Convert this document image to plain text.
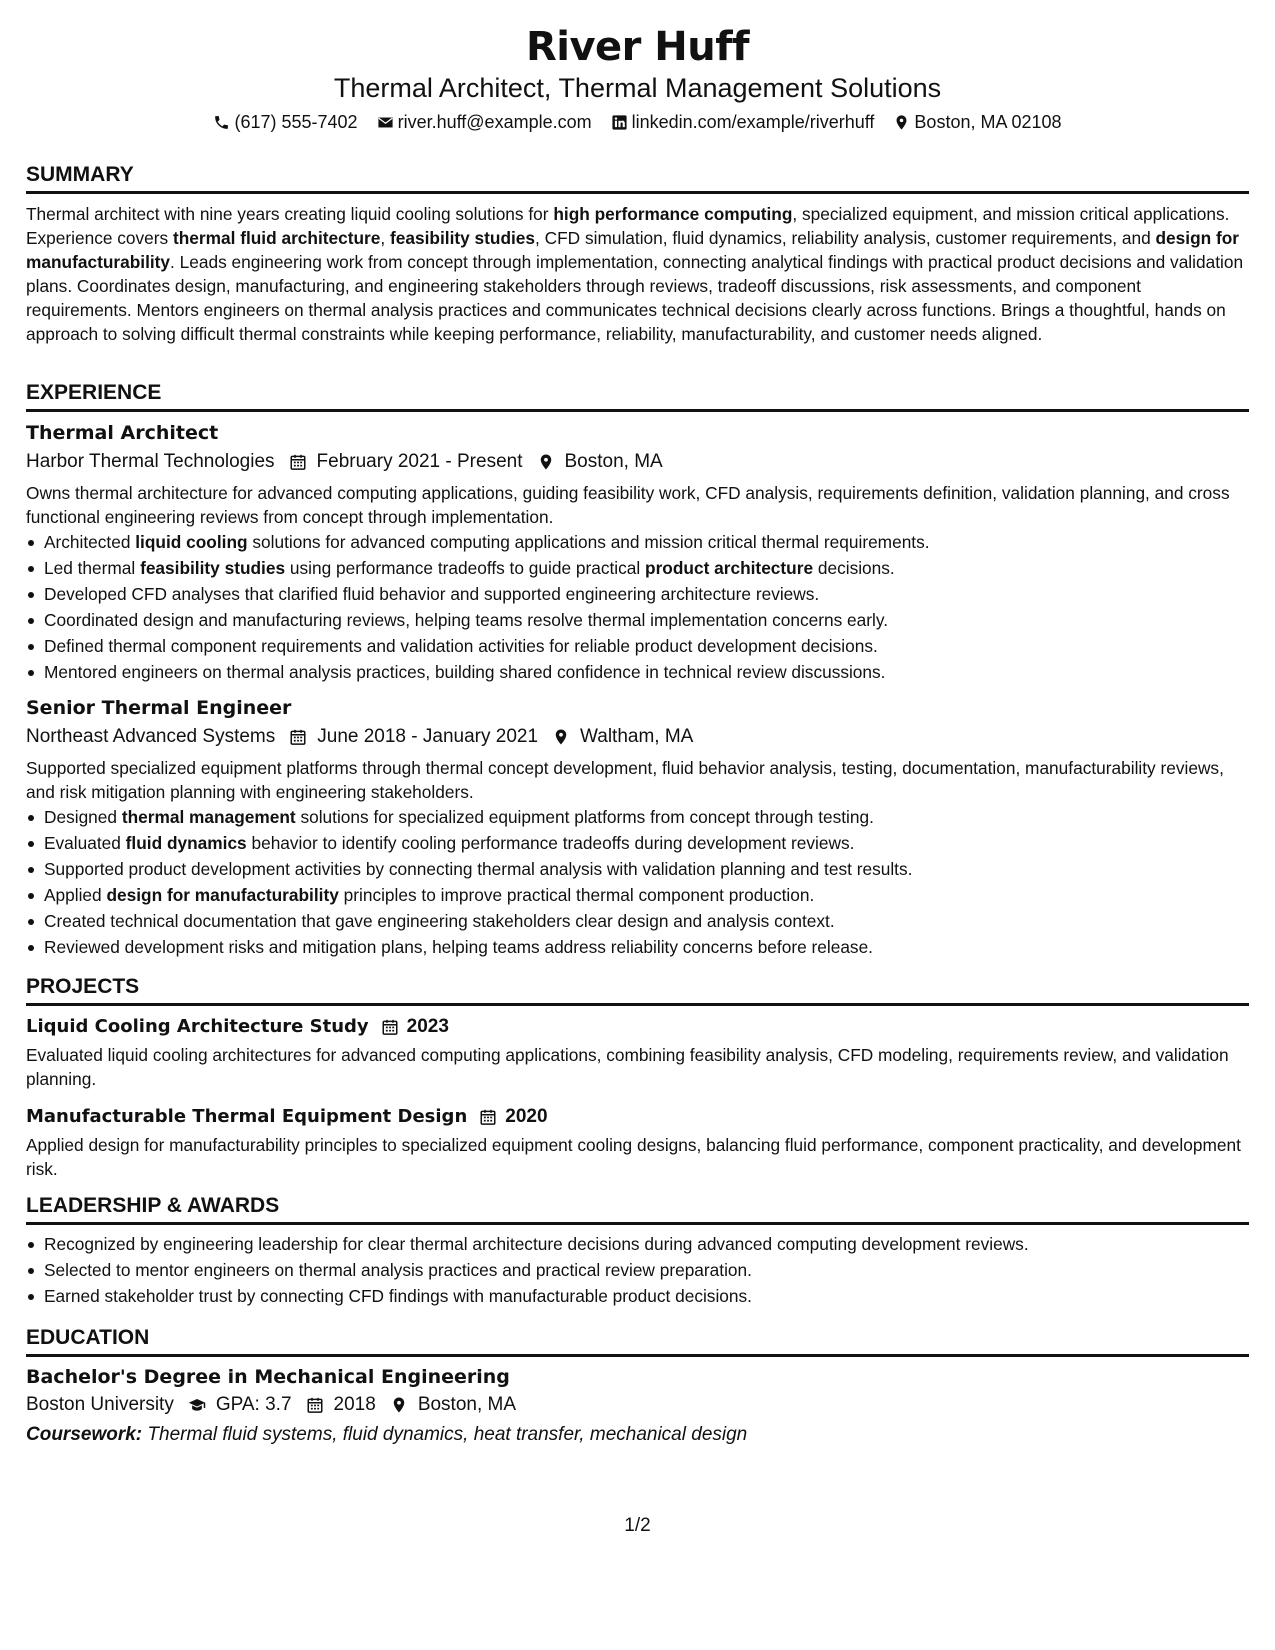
River Huff
Thermal Architect, Thermal Management Solutions
(617) 555-7402
river.huff@example.com
linkedin.com/example/riverhuff
Boston, MA 02108
SUMMARY

Thermal architect with nine years creating liquid cooling solutions for high performance computing, specialized equipment, and mission critical applications. Experience covers thermal fluid architecture, feasibility studies, CFD simulation, fluid dynamics, reliability analysis, customer requirements, and design for manufacturability. Leads engineering work from concept through implementation, connecting analytical findings with practical product decisions and validation plans. Coordinates design, manufacturing, and engineering stakeholders through reviews, tradeoff discussions, risk assessments, and component requirements. Mentors engineers on thermal analysis practices and communicates technical decisions clearly across functions. Brings a thoughtful, hands on approach to solving difficult thermal constraints while keeping performance, reliability, manufacturability, and customer needs aligned.

EXPERIENCE
Thermal Architect
Harbor Thermal Technologies February 2021 - Present Boston, MA

Owns thermal architecture for advanced computing applications, guiding feasibility work, CFD analysis, requirements definition, validation planning, and cross functional engineering reviews from concept through implementation.

Architected liquid cooling solutions for advanced computing applications and mission critical thermal requirements.
Led thermal feasibility studies using performance tradeoffs to guide practical product architecture decisions.
Developed CFD analyses that clarified fluid behavior and supported engineering architecture reviews.
Coordinated design and manufacturing reviews, helping teams resolve thermal implementation concerns early.
Defined thermal component requirements and validation activities for reliable product development decisions.
Mentored engineers on thermal analysis practices, building shared confidence in technical review discussions.
Senior Thermal Engineer
Northeast Advanced Systems June 2018 - January 2021 Waltham, MA

Supported specialized equipment platforms through thermal concept development, fluid behavior analysis, testing, documentation, manufacturability reviews, and risk mitigation planning with engineering stakeholders.

Designed thermal management solutions for specialized equipment platforms from concept through testing.
Evaluated fluid dynamics behavior to identify cooling performance tradeoffs during development reviews.
Supported product development activities by connecting thermal analysis with validation planning and test results.
Applied design for manufacturability principles to improve practical thermal component production.
Created technical documentation that gave engineering stakeholders clear design and analysis context.
Reviewed development risks and mitigation plans, helping teams address reliability concerns before release.
PROJECTS
Liquid Cooling Architecture Study 2023

Evaluated liquid cooling architectures for advanced computing applications, combining feasibility analysis, CFD modeling, requirements review, and validation planning.

Manufacturable Thermal Equipment Design 2020

Applied design for manufacturability principles to specialized equipment cooling designs, balancing fluid performance, component practicality, and development risk.

LEADERSHIP & AWARDS
Recognized by engineering leadership for clear thermal architecture decisions during advanced computing development reviews.
Selected to mentor engineers on thermal analysis practices and practical review preparation.
Earned stakeholder trust by connecting CFD findings with manufacturable product decisions.
EDUCATION
Bachelor's Degree in Mechanical Engineering
Boston University GPA: 3.7 2018 Boston, MA
Coursework: Thermal fluid systems, fluid dynamics, heat transfer, mechanical design
1/2
